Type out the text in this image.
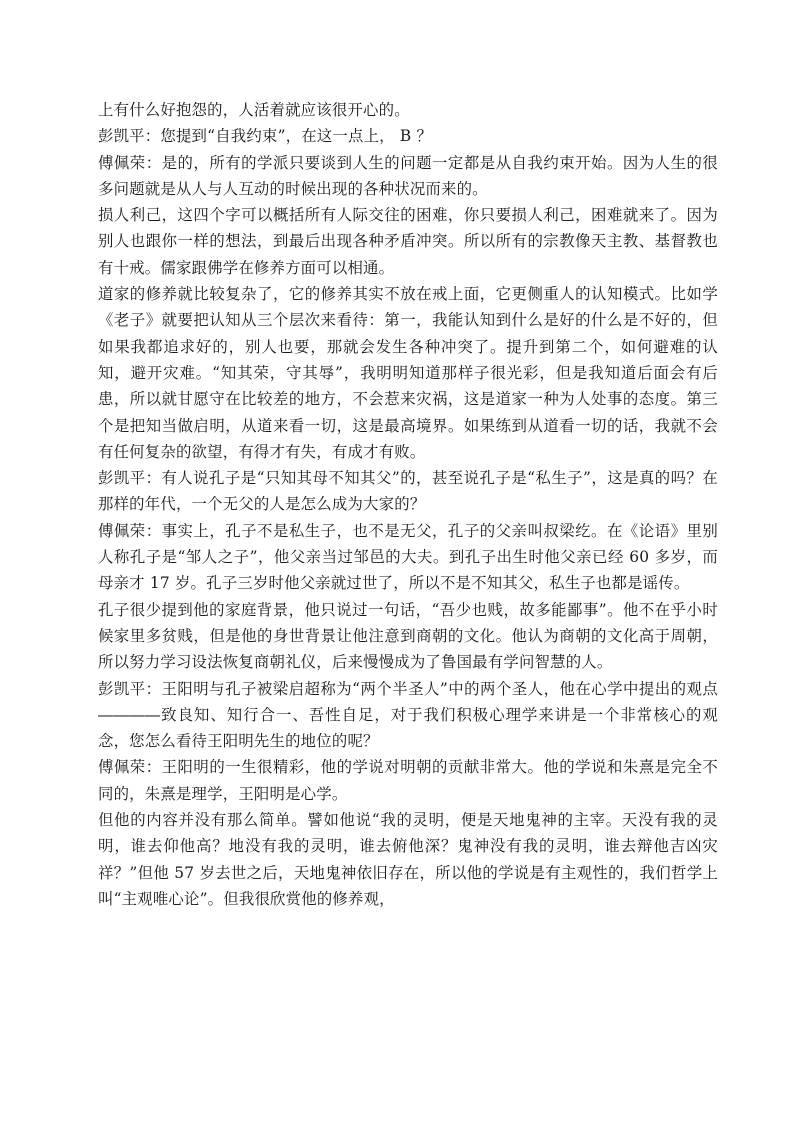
上有什么好抱怨的，人活着就应该很开心的。

彭凯平：您提到“自我约束”，在这一点上， B ？

傅佩荣：是的，所有的学派只要谈到人生的问题一定都是从自我约束开始。因为人生的很多问题就是从人与人互动的时候出现的各种状况而来的。

损人利己，这四个字可以概括所有人际交往的困难，你只要损人利己，困难就来了。因为别人也跟你一样的想法，到最后出现各种矛盾冲突。所以所有的宗教像天主教、基督教也有十戒。儒家跟佛学在修养方面可以相通。

道家的修养就比较复杂了，它的修养其实不放在戒上面，它更侧重人的认知模式。比如学《老子》就要把认知从三个层次来看待：第一，我能认知到什么是好的什么是不好的，但如果我都追求好的，别人也要，那就会发生各种冲突了。提升到第二个，如何避难的认知，避开灾难。“知其荣，守其辱”，我明明知道那样子很光彩，但是我知道后面会有后患，所以就甘愿守在比较差的地方，不会惹来灾祸，这是道家一种为人处事的态度。第三个是把知当做启明，从道来看一切，这是最高境界。如果练到从道看一切的话，我就不会有任何复杂的欲望，有得才有失，有成才有败。

彭凯平：有人说孔子是“只知其母不知其父”的，甚至说孔子是“私生子”，这是真的吗？在那样的年代，一个无父的人是怎么成为大家的？

傅佩荣：事实上，孔子不是私生子，也不是无父，孔子的父亲叫叔梁纥。在《论语》里别人称孔子是“邹人之子”，他父亲当过邹邑的大夫。到孔子出生时他父亲已经 60 多岁，而母亲才 17 岁。孔子三岁时他父亲就过世了，所以不是不知其父，私生子也都是谣传。

孔子很少提到他的家庭背景，他只说过一句话，“吾少也贱，故多能鄙事”。他不在乎小时候家里多贫贱，但是他的身世背景让他注意到商朝的文化。他认为商朝的文化高于周朝，所以努力学习设法恢复商朝礼仪，后来慢慢成为了鲁国最有学问智慧的人。

彭凯平：王阳明与孔子被梁启超称为“两个半圣人”中的两个圣人，他在心学中提出的观点――――致良知、知行合一、吾性自足，对于我们积极心理学来讲是一个非常核心的观念，您怎么看待王阳明先生的地位的呢？

傅佩荣：王阳明的一生很精彩，他的学说对明朝的贡献非常大。他的学说和朱熹是完全不同的，朱熹是理学，王阳明是心学。

但他的内容并没有那么简单。譬如他说“我的灵明，便是天地鬼神的主宰。天没有我的灵明，谁去仰他高？地没有我的灵明，谁去俯他深？鬼神没有我的灵明，谁去辩他吉凶灾祥？”但他 57 岁去世之后，天地鬼神依旧存在，所以他的学说是有主观性的，我们哲学上叫“主观唯心论”。但我很欣赏他的修养观，
